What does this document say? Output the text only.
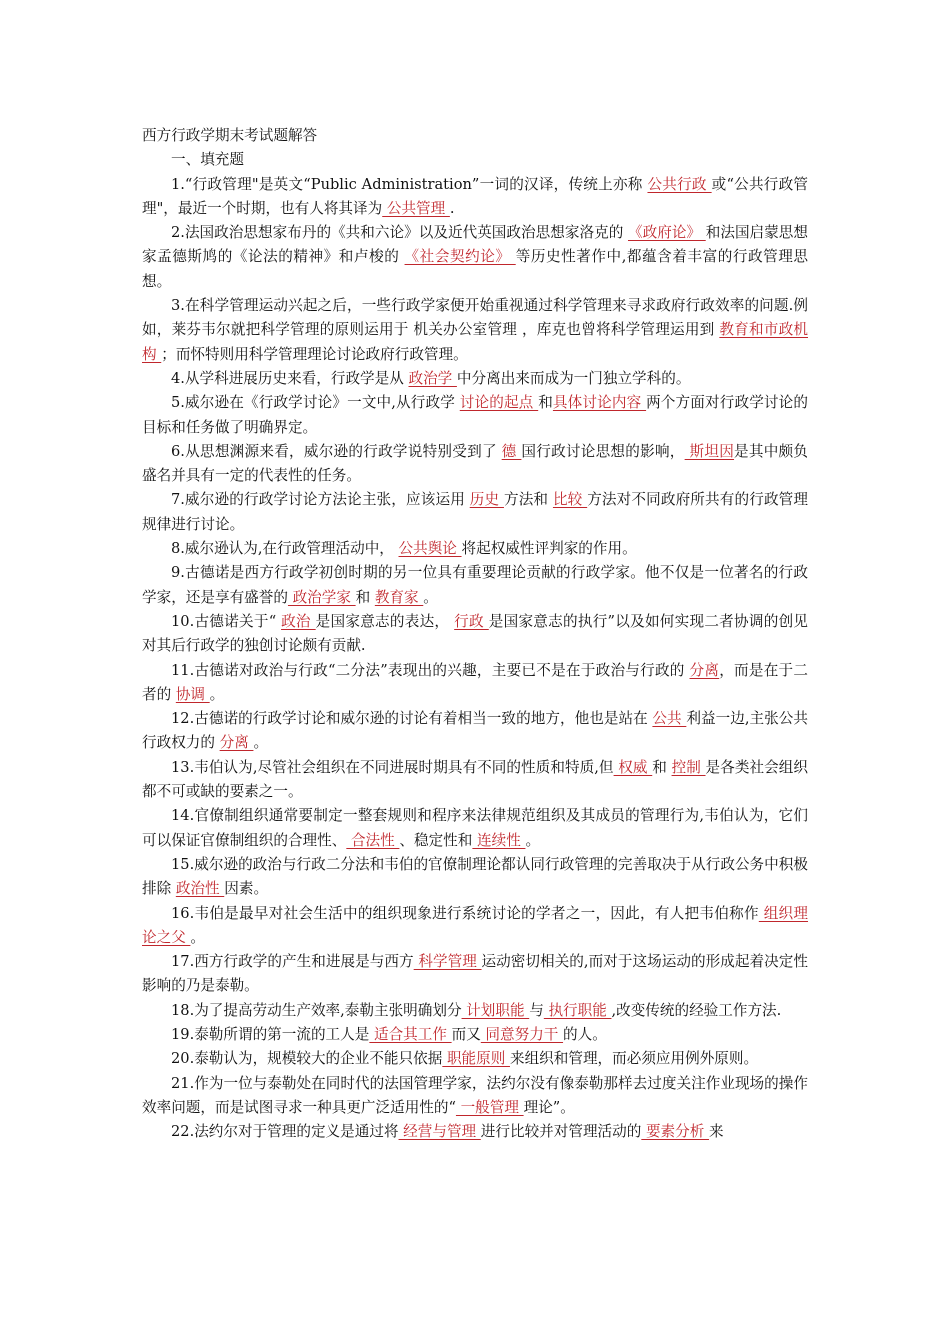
西方行政学期末考试题解答

一、填充题

1.“行政管理"是英文“Public Administration”一词的汉译，传统上亦称 公共行政 或“公共行政管理"，最近一个时期，也有人将其译为 公共管理 .

2.法国政治思想家布丹的《共和六论》以及近代英国政治思想家洛克的 《政府论》 和法国启蒙思想家孟德斯鸠的《论法的精神》和卢梭的 《社会契约论》 等历史性著作中,都蕴含着丰富的行政管理思想。

3.在科学管理运动兴起之后，一些行政学家便开始重视通过科学管理来寻求政府行政效率的问题.例如，莱芬韦尔就把科学管理的原则运用于 机关办公室管理 ，库克也曾将科学管理运用到 教育和市政机构 ；而怀特则用科学管理理论讨论政府行政管理。

4.从学科进展历史来看，行政学是从 政治学 中分离出来而成为一门独立学科的。

5.威尔逊在《行政学讨论》一文中,从行政学 讨论的起点 和具体讨论内容 两个方面对行政学讨论的目标和任务做了明确界定。

6.从思想渊源来看，威尔逊的行政学说特别受到了 德 国行政讨论思想的影响， 斯坦因是其中颇负盛名并具有一定的代表性的任务。

7.威尔逊的行政学讨论方法论主张，应该运用 历史 方法和 比较 方法对不同政府所共有的行政管理规律进行讨论。

8.威尔逊认为,在行政管理活动中， 公共舆论 将起权威性评判家的作用。

9.古德诺是西方行政学初创时期的另一位具有重要理论贡献的行政学家。他不仅是一位著名的行政学家，还是享有盛誉的 政治学家 和 教育家 。

10.古德诺关于“ 政治 是国家意志的表达， 行政 是国家意志的执行”以及如何实现二者协调的创见对其后行政学的独创讨论颇有贡献.

11.古德诺对政治与行政“二分法”表现出的兴趣，主要已不是在于政治与行政的 分离，而是在于二者的 协调 。

12.古德诺的行政学讨论和威尔逊的讨论有着相当一致的地方，他也是站在 公共 利益一边,主张公共行政权力的 分离 。

13.韦伯认为,尽管社会组织在不同进展时期具有不同的性质和特质,但 权威 和 控制 是各类社会组织都不可或缺的要素之一。

14.官僚制组织通常要制定一整套规则和程序来法律规范组织及其成员的管理行为,韦伯认为，它们可以保证官僚制组织的合理性、 合法性 、稳定性和 连续性 。

15.威尔逊的政治与行政二分法和韦伯的官僚制理论都认同行政管理的完善取决于从行政公务中积极排除 政治性 因素。

16.韦伯是最早对社会生活中的组织现象进行系统讨论的学者之一，因此，有人把韦伯称作 组织理论之父 。

17.西方行政学的产生和进展是与西方 科学管理 运动密切相关的,而对于这场运动的形成起着决定性影响的乃是泰勒。

18.为了提高劳动生产效率,泰勒主张明确划分 计划职能 与 执行职能 ,改变传统的经验工作方法.

19.泰勒所谓的第一流的工人是 适合其工作 而又 同意努力干 的人。

20.泰勒认为，规模较大的企业不能只依据 职能原则 来组织和管理，而必须应用例外原则。

21.作为一位与泰勒处在同时代的法国管理学家，法约尔没有像泰勒那样去过度关注作业现场的操作效率问题，而是试图寻求一种具更广泛适用性的“ 一般管理 理论”。

22.法约尔对于管理的定义是通过将 经营与管理 进行比较并对管理活动的 要素分析 来
